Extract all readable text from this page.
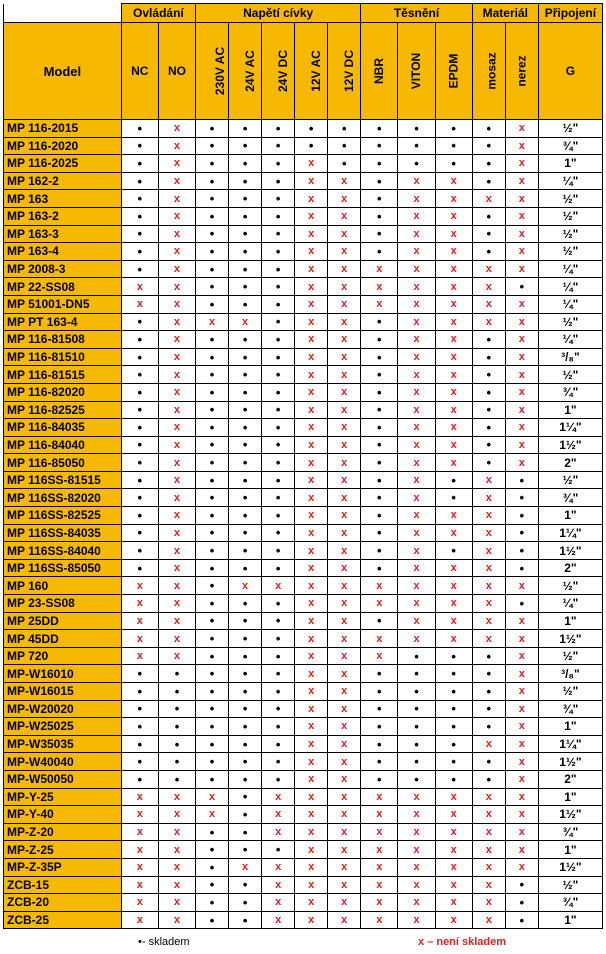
	Ovládání		Napětí cívky					Těsnění			Materiál		Připojení
Model	NC	NO	230V AC	24V AC	24V DC	12V AC	12V DC	NBR	VITON	EPDM	mosaz	nerez	G
MP 116-2015	•	x	•	•	•	•	•	•	•	•	•	x	½"
MP 116-2020	•	x	•	•	•	•	•	•	•	•	•	x	¾"
MP 116-2025	•	x	•	•	•	x	•	•	•	•	•	x	1"
MP 162-2	•	x	•	•	•	x	x	•	x	x	•	x	¼"
MP 163	•	x	•	•	•	x	x	•	x	x	x	x	½"
MP 163-2	•	x	•	•	•	x	x	•	x	x	•	x	½"
MP 163-3	•	x	•	•	•	x	x	•	x	x	•	x	½"
MP 163-4	•	x	•	•	•	x	x	•	x	x	•	x	½"
MP 2008-3	•	x	•	•	•	x	x	x	x	x	x	x	¼"
MP 22-SS08	x	x	•	•	•	x	x	x	x	x	x	•	¼"
MP 51001-DN5	x	x	•	•	•	x	x	x	x	x	x	x	¼"
MP PT 163-4	•	x	x	x	•	x	x	•	x	x	x	x	½"
MP 116-81508	•	x	•	•	•	x	x	•	x	x	•	x	¼"
MP 116-81510	•	x	•	•	•	x	x	•	x	x	•	x	³/₈"
MP 116-81515	•	x	•	•	•	x	x	•	x	x	•	x	½"
MP 116-82020	•	x	•	•	•	x	x	•	x	x	•	x	¾"
MP 116-82525	•	x	•	•	•	x	x	•	x	x	•	x	1"
MP 116-84035	•	x	•	•	•	x	x	•	x	x	•	x	1¼"
MP 116-84040	•	x	•	•	•	x	x	•	x	x	•	x	1½"
MP 116-85050	•	x	•	•	•	x	x	•	x	x	•	x	2"
MP 116SS-81515	•	x	•	•	•	x	x	•	x	•	x	•	½"
MP 116SS-82020	•	x	•	•	•	x	x	•	x	•	x	•	¾"
MP 116SS-82525	•	x	•	•	•	x	x	•	x	x	x	•	1"
MP 116SS-84035	•	x	•	•	•	x	x	•	x	x	x	•	1¼"
MP 116SS-84040	•	x	•	•	•	x	x	•	x	•	x	•	1½"
MP 116SS-85050	•	x	•	•	•	x	x	•	x	x	x	•	2"
MP 160	x	x	•	x	x	x	x	x	x	x	x	x	½"
MP 23-SS08	x	x	•	•	•	x	x	x	x	x	x	•	¼"
MP 25DD	x	x	•	•	•	x	x	•	x	x	x	x	1"
MP 45DD	x	x	•	•	•	x	x	x	x	x	x	x	1½"
MP 720	x	x	•	•	•	x	x	x	•	•	•	x	½"
MP-W16010	•	•	•	•	•	x	x	•	•	•	•	x	³/₈"
MP-W16015	•	•	•	•	•	x	x	•	•	•	•	x	½"
MP-W20020	•	•	•	•	•	x	x	•	•	•	•	x	¾"
MP-W25025	•	•	•	•	•	x	x	•	•	•	•	x	1"
MP-W35035	•	•	•	•	•	x	x	•	•	•	x	x	1¼"
MP-W40040	•	•	•	•	•	x	x	•	•	•	•	x	1½"
MP-W50050	•	•	•	•	•	x	x	•	•	•	•	x	2"
MP-Y-25	x	x	x	•	x	x	x	x	x	x	x	x	1"
MP-Y-40	x	x	x	•	x	x	x	x	x	x	x	x	1½"
MP-Z-20	x	x	•	•	x	x	x	x	x	x	x	x	¾"
MP-Z-25	x	x	•	•	•	x	x	x	x	x	x	x	1"
MP-Z-35P	x	x	•	x	x	x	x	x	x	x	x	x	1½"
ZCB-15	x	x	•	•	x	x	x	x	x	x	x	•	½"
ZCB-20	x	x	•	•	x	x	x	x	x	x	x	•	¾"
ZCB-25	x	x	•	•	x	x	x	x	x	x	x	•	1"
•- skladem	x – není skladem
